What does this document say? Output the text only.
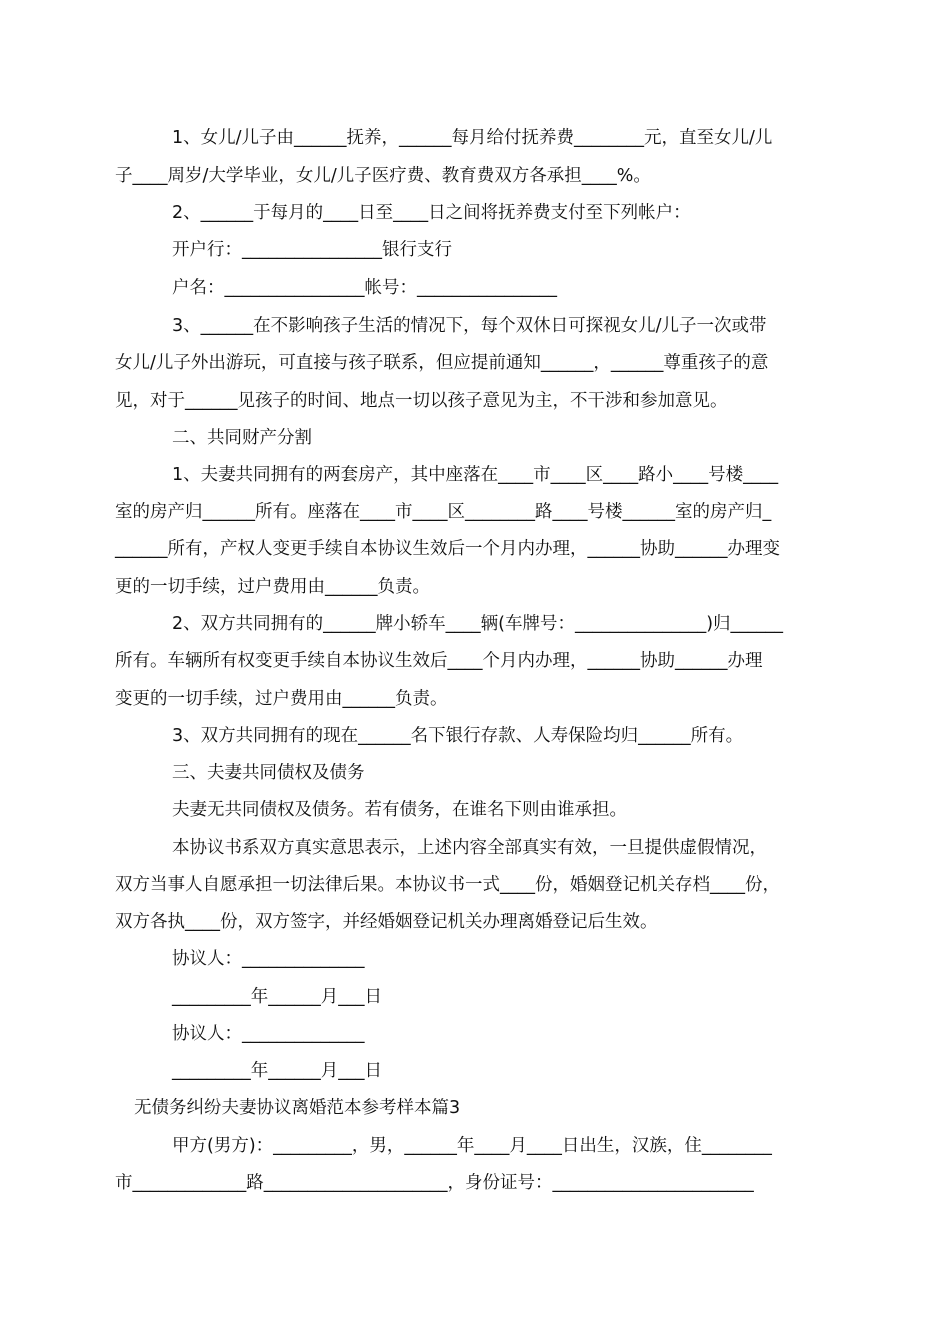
1、女儿/儿子由______抚养，______每月给付抚养费________元，直至女儿/儿
子____周岁/大学毕业，女儿/儿子医疗费、教育费双方各承担____%。
2、______于每月的____日至____日之间将抚养费支付至下列帐户：
开户行：________________银行支行
户名：________________帐号：________________
3、______在不影响孩子生活的情况下，每个双休日可探视女儿/儿子一次或带
女儿/儿子外出游玩，可直接与孩子联系，但应提前通知______，______尊重孩子的意
见，对于______见孩子的时间、地点一切以孩子意见为主，不干涉和参加意见。
二、共同财产分割
1、夫妻共同拥有的两套房产，其中座落在____市____区____路小____号楼____
室的房产归______所有。座落在____市____区________路____号楼______室的房产归_
______所有，产权人变更手续自本协议生效后一个月内办理，______协助______办理变
更的一切手续，过户费用由______负责。
2、双方共同拥有的______牌小轿车____辆(车牌号：_______________)归______
所有。车辆所有权变更手续自本协议生效后____个月内办理，______协助______办理
变更的一切手续，过户费用由______负责。
3、双方共同拥有的现在______名下银行存款、人寿保险均归______所有。
三、夫妻共同债权及债务
夫妻无共同债权及债务。若有债务，在谁名下则由谁承担。
本协议书系双方真实意思表示，上述内容全部真实有效，一旦提供虚假情况，
双方当事人自愿承担一切法律后果。本协议书一式____份，婚姻登记机关存档____份，
双方各执____份，双方签字，并经婚姻登记机关办理离婚登记后生效。
协议人：______________
_________年______月___日
协议人：______________
_________年______月___日
无债务纠纷夫妻协议离婚范本参考样本篇3
甲方(男方)：_________，男，______年____月____日出生，汉族，住________
市_____________路_____________________，身份证号：_______________________
